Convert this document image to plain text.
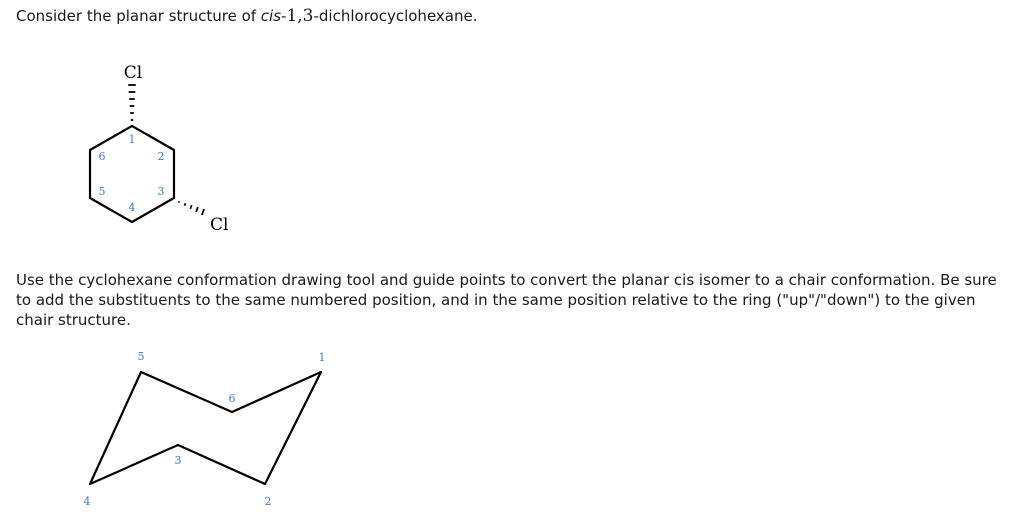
Consider the planar structure of cis-1,3-dichlorocyclohexane.
Cl
Cl
1
2
3
4
5
6
1
2
3
4
5
6
Use the cyclohexane conformation drawing tool and guide points to convert the planar cis isomer to a chair conformation. Be sure to add the substituents to the same numbered position, and in the same position relative to the ring ("up"/"down") to the given chair structure.
